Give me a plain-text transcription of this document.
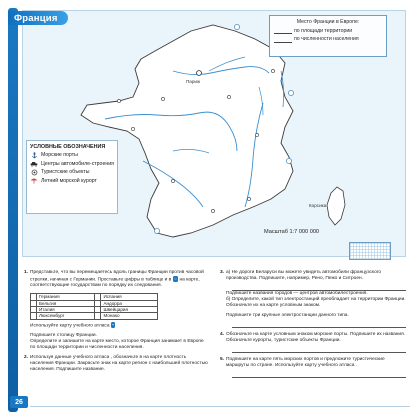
Париж
Корсика
Место Франции в Европе:
по площади территории
по численности населения
Франция
УСЛОВНЫЕ ОБОЗНАЧЕНИЯ
Морские порты
Центры автомобиле-строения
Туристские объекты
Летний морской курорт
Масштаб 1:7 000 000
1. Представьте, что вы перемещаетесь вдоль границы Франции против часовой стрелки, начиная с Германии. Проставьте цифры в таблице и в ○ на карте, соответствующие государствам по порядку их следования.
	Германия		Испания
	Бельгия		Андорра
	Италия		Швейцария
	Люксембург		Монако
Используйте карту учебного атласа ▪
Подпишите столицу Франции.
Определите и запишите на карте место, которое Франция занимает в Европе по площади территории и численности населения.
2. Используя данные учебного атласа , обозначьте в на карте плотность населения Франции. Закрасьте знак на карте регион с наибольшей плотностью населения. Подпишите название.
3. а) Не дороги Беларуси вы можете увидеть автомобили французского производства. Подпишите, например, Рено, Пежо и Ситроен.
Подпишите названия городов — центров автомобилестроения.
б) Определите, какой тип электростанций преобладает на территории Франции. Обозначьте их на карте условным знаком.
Подпишите три крупные электростанции данного типа.
4. Обозначьте на карте условным знаком морские порты. Подпишите их названия. Обозначьте курорты, туристские объекты Франции.
5. Подпишите на карте пять морских портов и предложите туристические маршруты по стране. Используйте карту учебного атласа .
26
